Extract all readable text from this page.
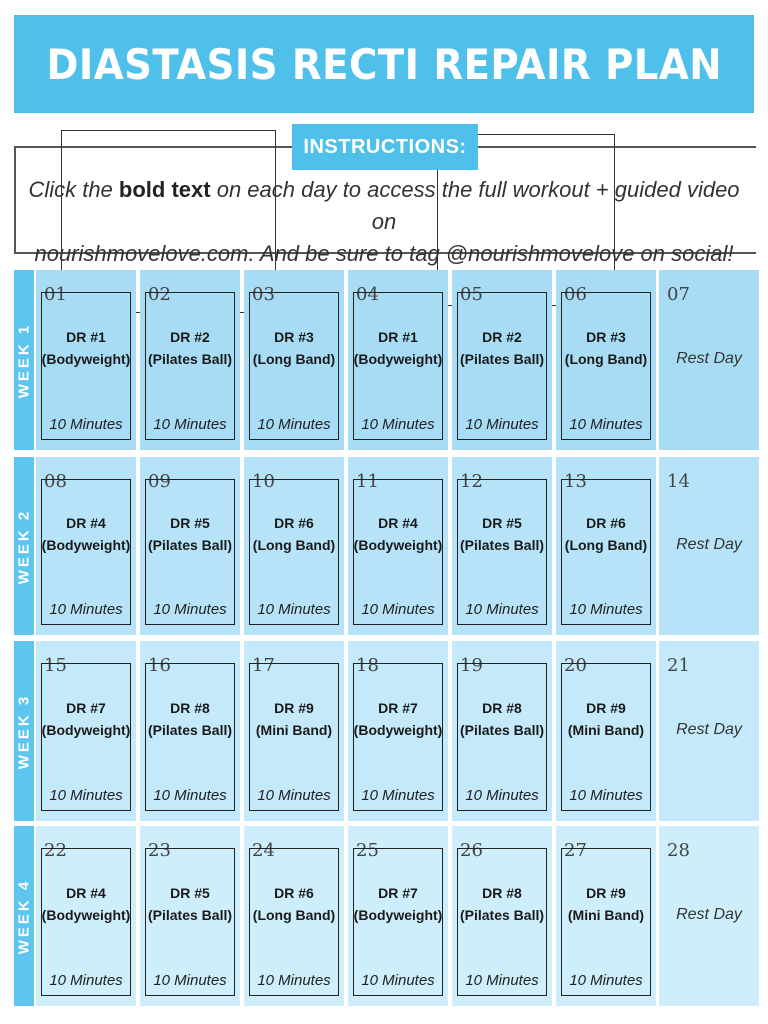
DIASTASIS RECTI REPAIR PLAN
INSTRUCTIONS:
Click the bold text on each day to access the full workout + guided video on
nourishmovelove.com. And be sure to tag @nourishmovelove on social!
WEEK 1
01
DR #1
(Bodyweight)
10 Minutes
02
DR #2
(Pilates Ball)
10 Minutes
03
DR #3
(Long Band)
10 Minutes
04
DR #1
(Bodyweight)
10 Minutes
05
DR #2
(Pilates Ball)
10 Minutes
06
DR #3
(Long Band)
10 Minutes
07
Rest Day
WEEK 2
08
DR #4
(Bodyweight)
10 Minutes
09
DR #5
(Pilates Ball)
10 Minutes
10
DR #6
(Long Band)
10 Minutes
11
DR #4
(Bodyweight)
10 Minutes
12
DR #5
(Pilates Ball)
10 Minutes
13
DR #6
(Long Band)
10 Minutes
14
Rest Day
WEEK 3
15
DR #7
(Bodyweight)
10 Minutes
16
DR #8
(Pilates Ball)
10 Minutes
17
DR #9
(Mini Band)
10 Minutes
18
DR #7
(Bodyweight)
10 Minutes
19
DR #8
(Pilates Ball)
10 Minutes
20
DR #9
(Mini Band)
10 Minutes
21
Rest Day
WEEK 4
22
DR #4
(Bodyweight)
10 Minutes
23
DR #5
(Pilates Ball)
10 Minutes
24
DR #6
(Long Band)
10 Minutes
25
DR #7
(Bodyweight)
10 Minutes
26
DR #8
(Pilates Ball)
10 Minutes
27
DR #9
(Mini Band)
10 Minutes
28
Rest Day
